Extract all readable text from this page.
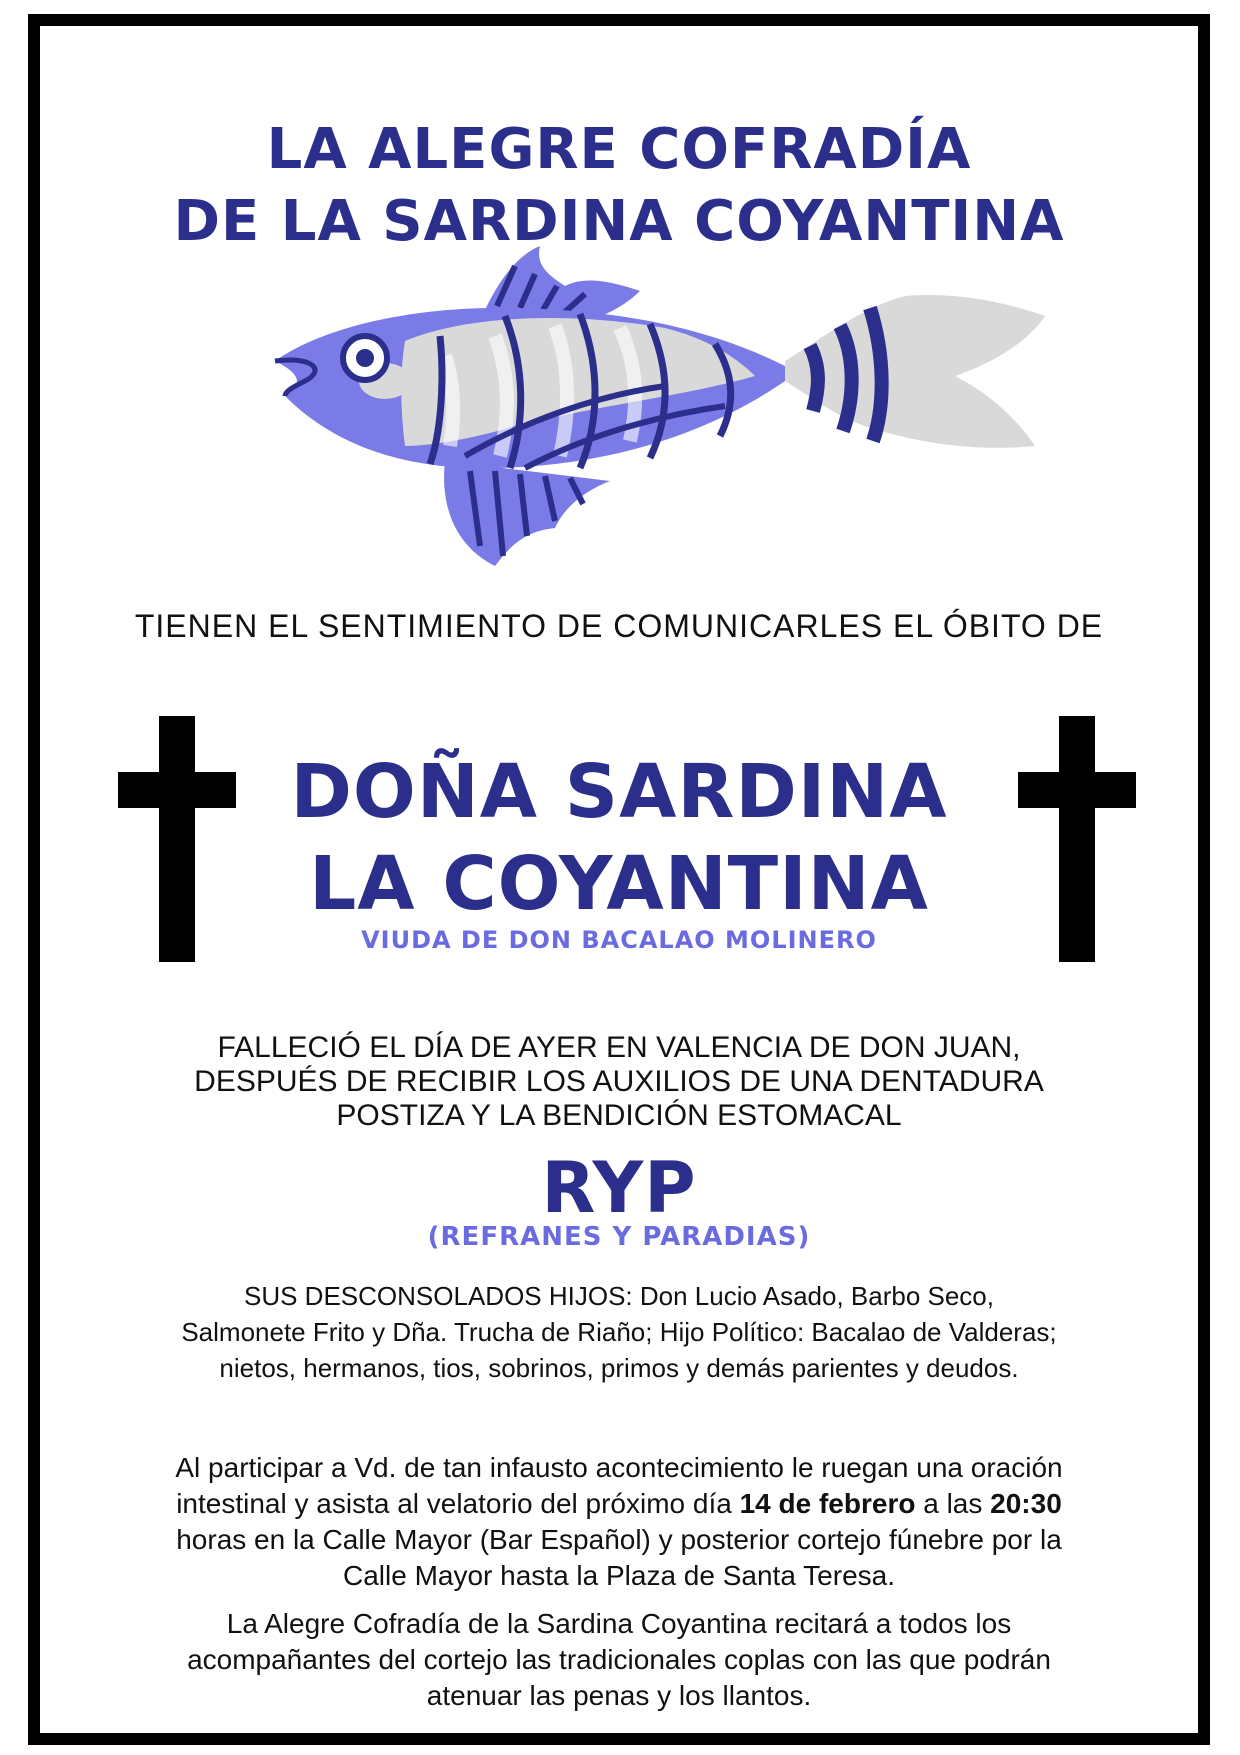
LA ALEGRE COFRADÍA
DE LA SARDINA COYANTINA
TIENEN EL SENTIMIENTO DE COMUNICARLES EL ÓBITO DE
DOÑA SARDINA
LA COYANTINA
VIUDA DE DON BACALAO MOLINERO
FALLECIÓ EL DÍA DE AYER EN VALENCIA DE DON JUAN,
DESPUÉS DE RECIBIR LOS AUXILIOS DE UNA DENTADURA
POSTIZA Y LA BENDICIÓN ESTOMACAL
RYP
(REFRANES Y PARADIAS)
SUS DESCONSOLADOS HIJOS: Don Lucio Asado, Barbo Seco,
Salmonete Frito y Dña. Trucha de Riaño; Hijo Político: Bacalao de Valderas;
nietos, hermanos, tios, sobrinos, primos y demás parientes y deudos.
Al participar a Vd. de tan infausto acontecimiento le ruegan una oración
intestinal y asista al velatorio del próximo día 14 de febrero a las 20:30
horas en la Calle Mayor (Bar Español) y posterior cortejo fúnebre por la
Calle Mayor hasta la Plaza de Santa Teresa.
La Alegre Cofradía de la Sardina Coyantina recitará a todos los
acompañantes del cortejo las tradicionales coplas con las que podrán
atenuar las penas y los llantos.
